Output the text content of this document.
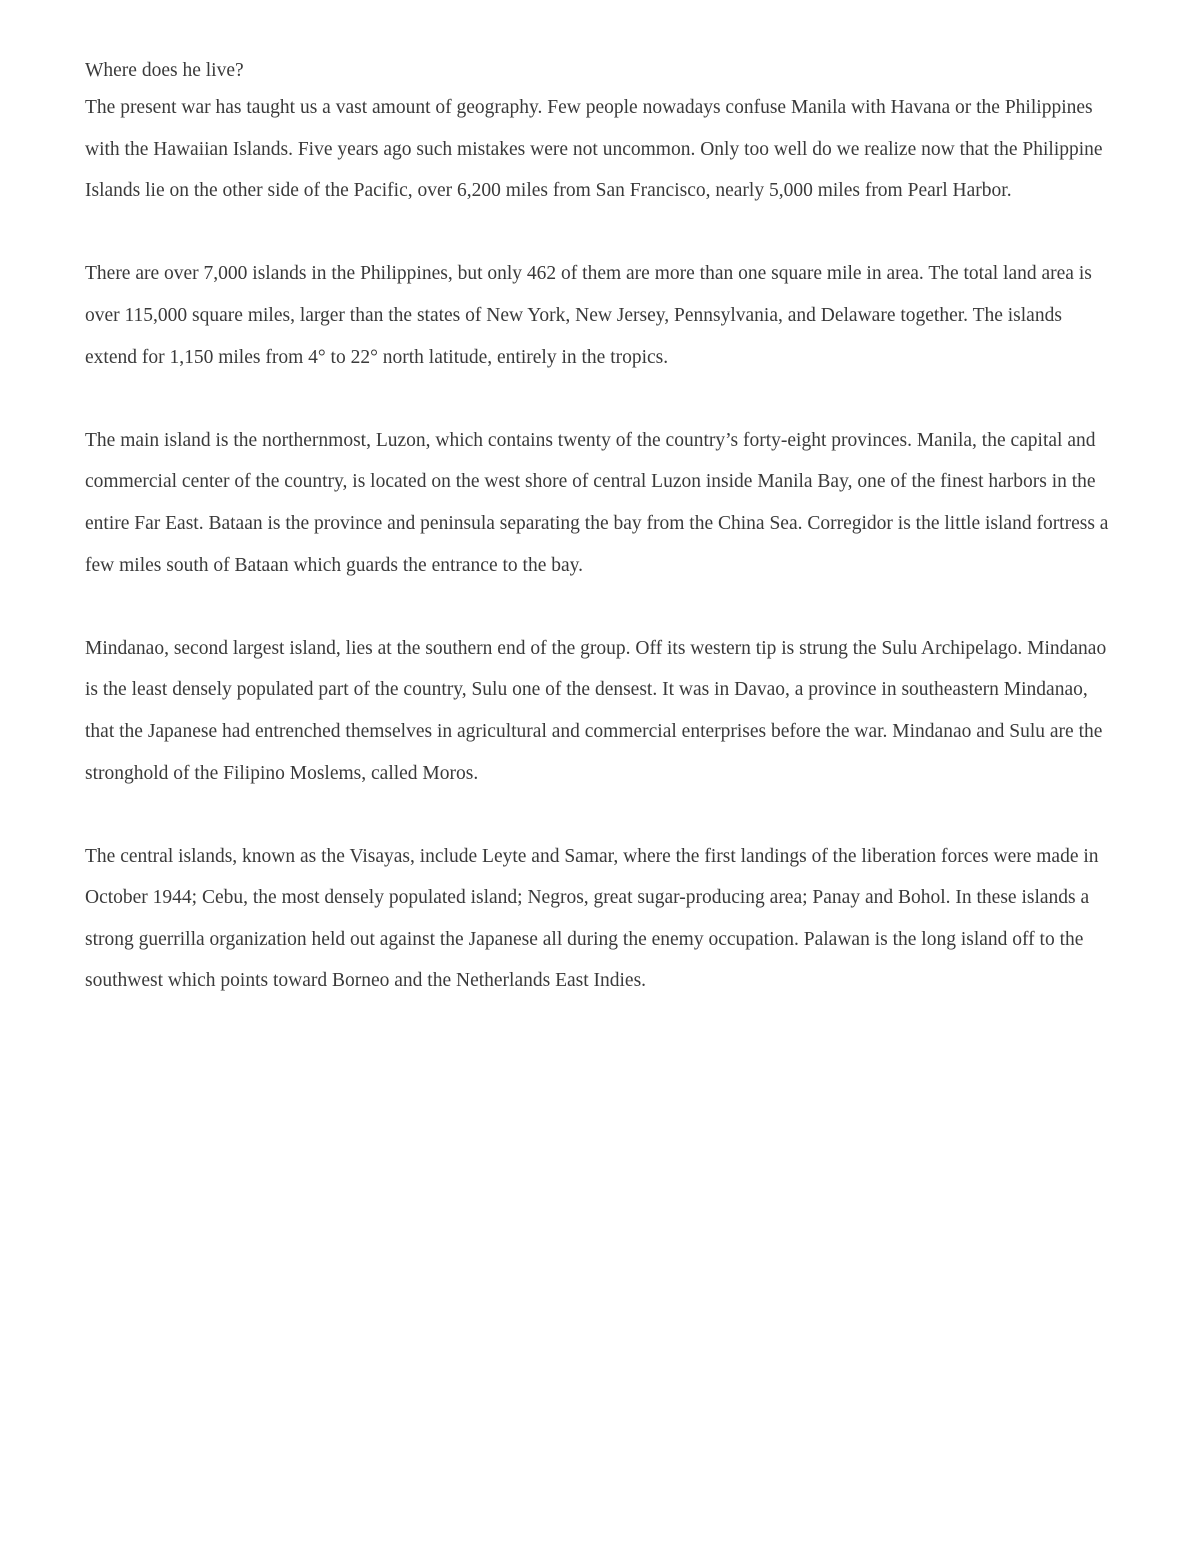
Where does he live?

The present war has taught us a vast amount of geography. Few people nowadays confuse Manila with Havana or the Philippines with the Hawaiian Islands. Five years ago such mistakes were not uncommon. Only too well do we realize now that the Philippine Islands lie on the other side of the Pacific, over 6,200 miles from San Francisco, nearly 5,000 miles from Pearl Harbor.

There are over 7,000 islands in the Philippines, but only 462 of them are more than one square mile in area. The total land area is over 115,000 square miles, larger than the states of New York, New Jersey, Pennsylvania, and Delaware together. The islands extend for 1,150 miles from 4° to 22° north latitude, entirely in the tropics.

The main island is the northernmost, Luzon, which contains twenty of the country’s forty-eight provinces. Manila, the capital and commercial center of the country, is located on the west shore of central Luzon inside Manila Bay, one of the finest harbors in the entire Far East. Bataan is the province and peninsula separating the bay from the China Sea. Corregidor is the little island fortress a few miles south of Bataan which guards the entrance to the bay.

Mindanao, second largest island, lies at the southern end of the group. Off its western tip is strung the Sulu Archipelago. Mindanao is the least densely populated part of the country, Sulu one of the densest. It was in Davao, a province in southeastern Mindanao, that the Japanese had entrenched themselves in agricultural and commercial enterprises before the war. Mindanao and Sulu are the stronghold of the Filipino Moslems, called Moros.

The central islands, known as the Visayas, include Leyte and Samar, where the first landings of the liberation forces were made in October 1944; Cebu, the most densely populated island; Negros, great sugar-producing area; Panay and Bohol. In these islands a strong guerrilla organization held out against the Japanese all during the enemy occupation. Palawan is the long island off to the southwest which points toward Borneo and the Netherlands East Indies.
